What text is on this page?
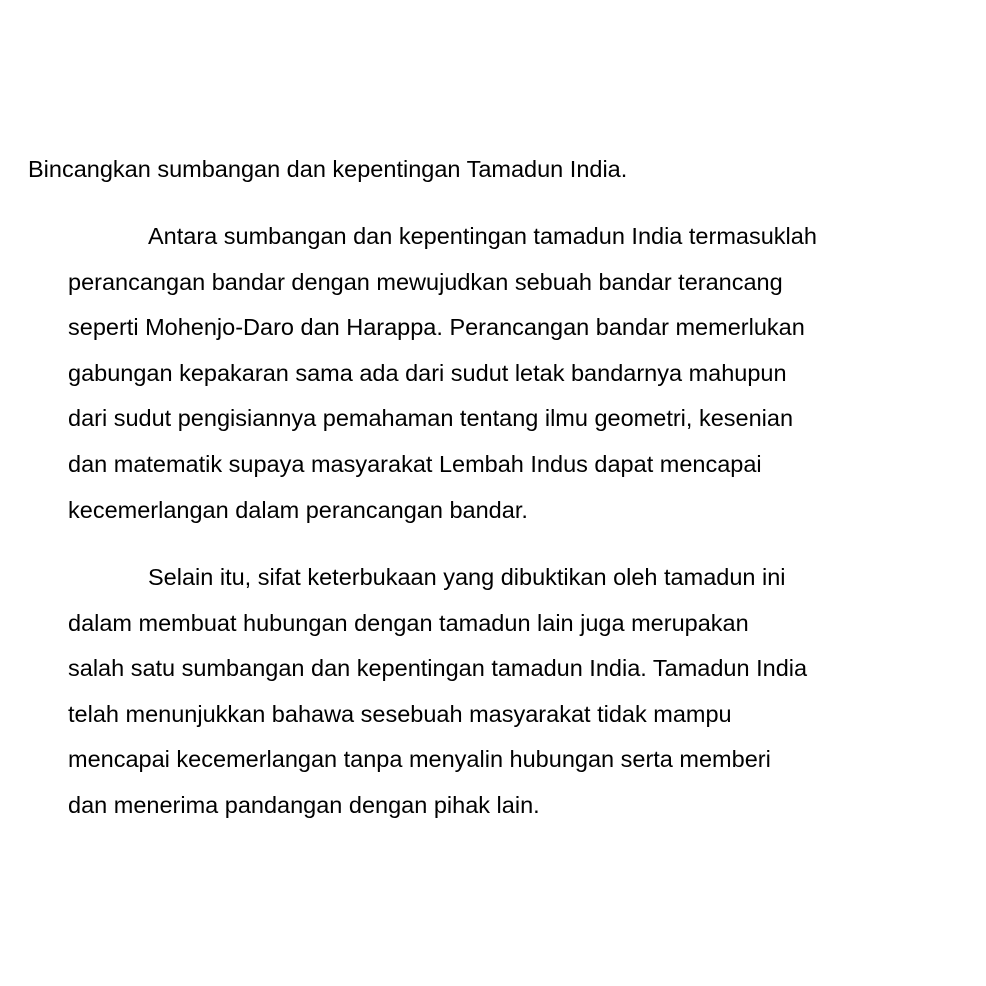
Bincangkan sumbangan dan kepentingan Tamadun India.

Antara sumbangan dan kepentingan tamadun India termasuklah
perancangan bandar dengan mewujudkan sebuah bandar terancang
seperti Mohenjo-Daro dan Harappa. Perancangan bandar memerlukan
gabungan kepakaran sama ada dari sudut letak bandarnya mahupun
dari sudut pengisiannya pemahaman tentang ilmu geometri, kesenian
dan matematik supaya masyarakat Lembah Indus dapat mencapai
kecemerlangan dalam perancangan bandar.
Selain itu, sifat keterbukaan yang dibuktikan oleh tamadun ini
dalam membuat hubungan dengan tamadun lain juga merupakan
salah satu sumbangan dan kepentingan tamadun India. Tamadun India
telah menunjukkan bahawa sesebuah masyarakat tidak mampu
mencapai kecemerlangan tanpa menyalin hubungan serta memberi
dan menerima pandangan dengan pihak lain.
